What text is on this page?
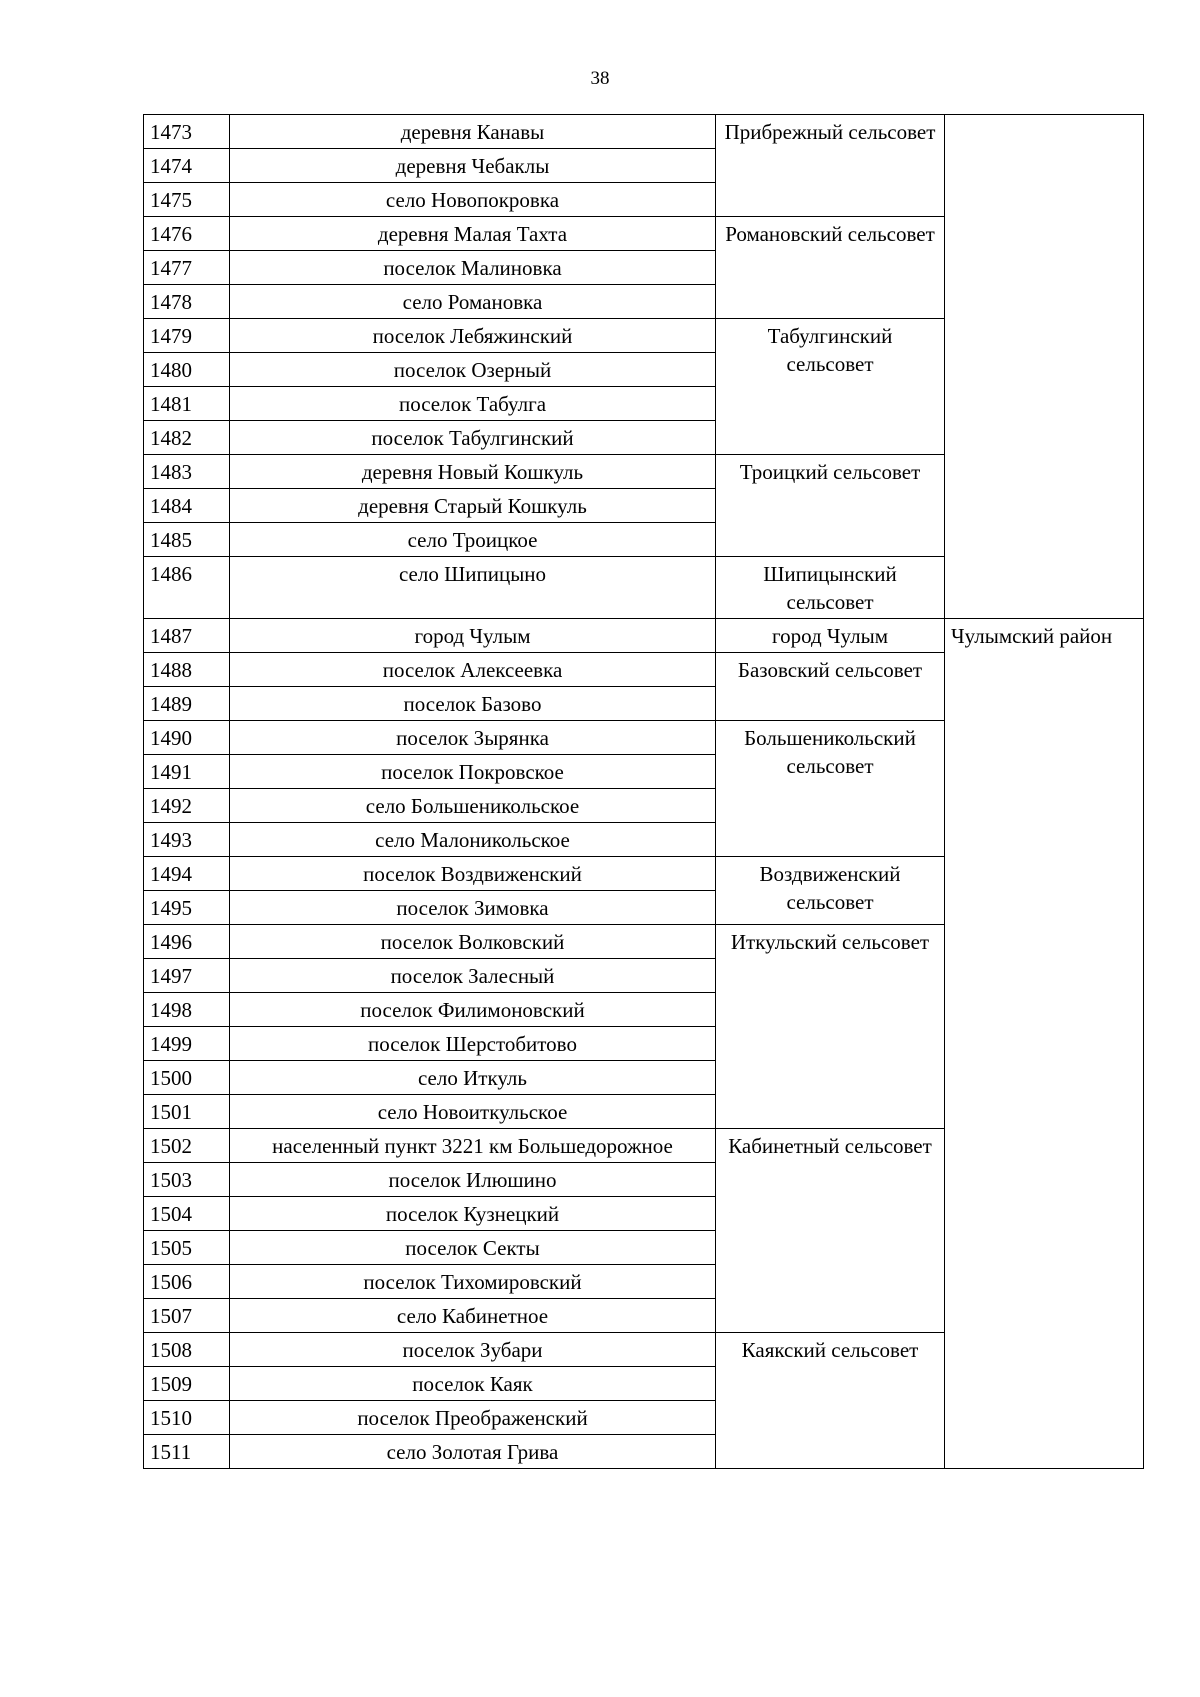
38
1473	деревня Канавы	Прибрежный сельсовет	
1474	деревня Чебаклы		
1475	село Новопокровка		
1476	деревня Малая Тахта	Романовский сельсовет	
1477	поселок Малиновка		
1478	село Романовка		
1479	поселок Лебяжинский	Табулгинский сельсовет	
1480	поселок Озерный		
1481	поселок Табулга		
1482	поселок Табулгинский		
1483	деревня Новый Кошкуль	Троицкий сельсовет	
1484	деревня Старый Кошкуль		
1485	село Троицкое		
1486	село Шипицыно	Шипицынский сельсовет	
1487	город Чулым	город Чулым	Чулымский район
1488	поселок Алексеевка	Базовский сельсовет	
1489	поселок Базово		
1490	поселок Зырянка	Большеникольский сельсовет	
1491	поселок Покровское		
1492	село Большеникольское		
1493	село Малоникольское		
1494	поселок Воздвиженский	Воздвиженский сельсовет	
1495	поселок Зимовка		
1496	поселок Волковский	Иткульский сельсовет	
1497	поселок Залесный		
1498	поселок Филимоновский		
1499	поселок Шерстобитово		
1500	село Иткуль		
1501	село Новоиткульское		
1502	населенный пункт 3221 км Большедорожное	Кабинетный сельсовет	
1503	поселок Илюшино		
1504	поселок Кузнецкий		
1505	поселок Секты		
1506	поселок Тихомировский		
1507	село Кабинетное		
1508	поселок Зубари	Каякский сельсовет	
1509	поселок Каяк		
1510	поселок Преображенский		
1511	село Золотая Грива		
